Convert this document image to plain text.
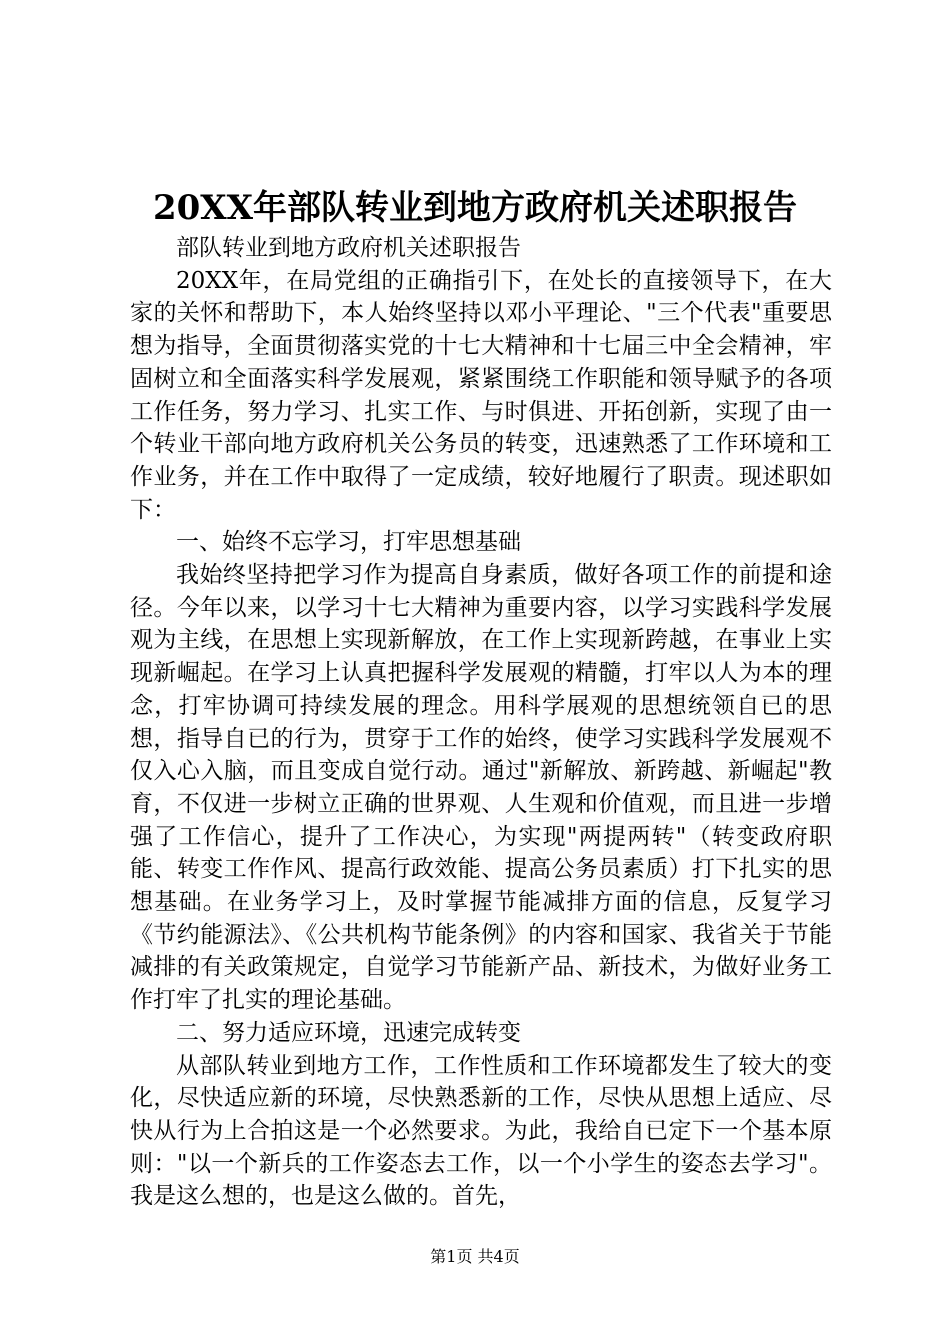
20XX年部队转业到地方政府机关述职报告

部队转业到地方政府机关述职报告

20XX年，在局党组的正确指引下，在处长的直接领导下，在大家的关怀和帮助下，本人始终坚持以邓小平理论、"三个代表"重要思想为指导，全面贯彻落实党的十七大精神和十七届三中全会精神，牢固树立和全面落实科学发展观，紧紧围绕工作职能和领导赋予的各项工作任务，努力学习、扎实工作、与时俱进、开拓创新，实现了由一个转业干部向地方政府机关公务员的转变，迅速熟悉了工作环境和工作业务，并在工作中取得了一定成绩，较好地履行了职责。现述职如下：

一、始终不忘学习，打牢思想基础

我始终坚持把学习作为提高自身素质，做好各项工作的前提和途径。今年以来，以学习十七大精神为重要内容，以学习实践科学发展观为主线，在思想上实现新解放，在工作上实现新跨越，在事业上实现新崛起。在学习上认真把握科学发展观的精髓，打牢以人为本的理念，打牢协调可持续发展的理念。用科学展观的思想统领自已的思想，指导自已的行为，贯穿于工作的始终，使学习实践科学发展观不仅入心入脑，而且变成自觉行动。通过"新解放、新跨越、新崛起"教育，不仅进一步树立正确的世界观、人生观和价值观，而且进一步增强了工作信心，提升了工作决心，为实现"两提两转"（转变政府职能、转变工作作风、提高行政效能、提高公务员素质）打下扎实的思想基础。在业务学习上，及时掌握节能减排方面的信息，反复学习《节约能源法》、《公共机构节能条例》的内容和国家、我省关于节能减排的有关政策规定，自觉学习节能新产品、新技术，为做好业务工作打牢了扎实的理论基础。

二、努力适应环境，迅速完成转变

从部队转业到地方工作，工作性质和工作环境都发生了较大的变化，尽快适应新的环境，尽快熟悉新的工作，尽快从思想上适应、尽快从行为上合拍这是一个必然要求。为此，我给自已定下一个基本原则："以一个新兵的工作姿态去工作，以一个小学生的姿态去学习"。我是这么想的，也是这么做的。首先，

第1页 共4页
